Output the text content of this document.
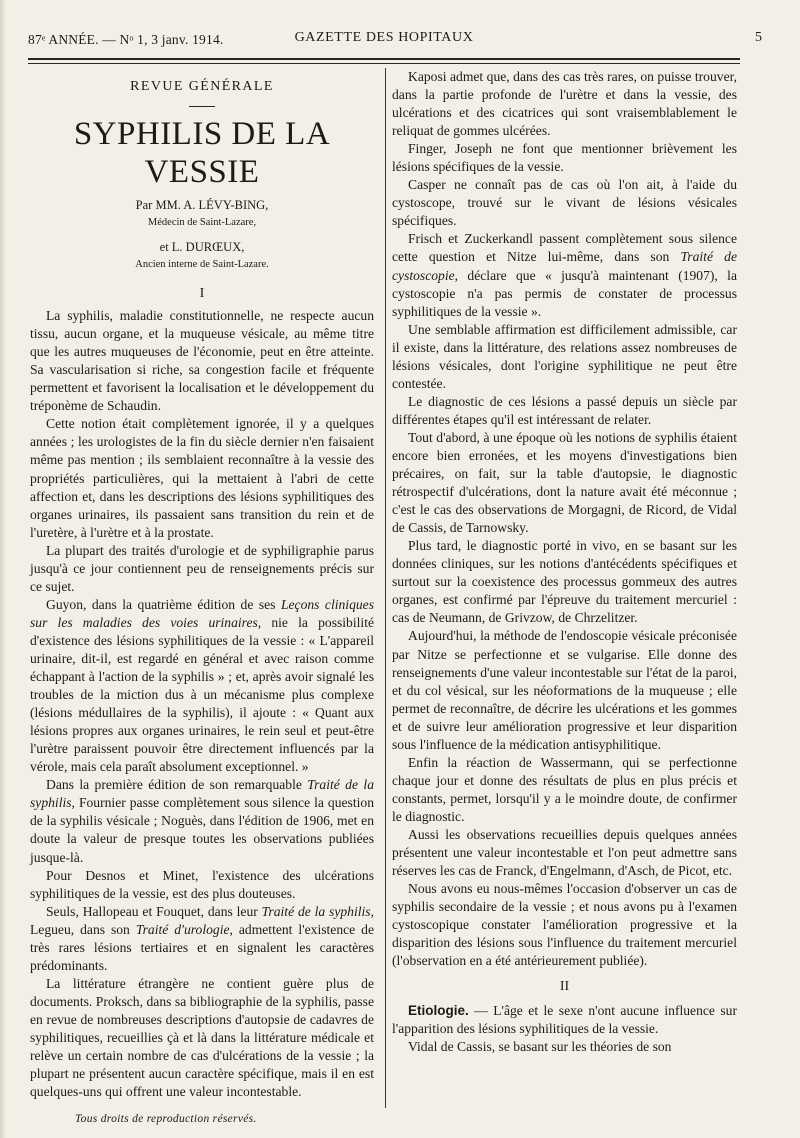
87ᵉ ANNÉE. — Nᵒ 1, 3 janv. 1914.	GAZETTE DES HOPITAUX	5
REVUE GÉNÉRALE
SYPHILIS DE LA VESSIE
Par MM. A. LÉVY-BING,
Médecin de Saint-Lazare,
et L. DURŒUX,
Ancien interne de Saint-Lazare.
I

La syphilis, maladie constitutionnelle, ne respecte aucun tissu, aucun organe, et la muqueuse vésicale, au même titre que les autres muqueuses de l'économie, peut en être atteinte. Sa vascularisation si riche, sa congestion facile et fréquente permettent et favorisent la localisation et le développement du tréponème de Schaudin.

Cette notion était complètement ignorée, il y a quelques années ; les urologistes de la fin du siècle dernier n'en faisaient même pas mention ; ils semblaient reconnaître à la vessie des propriétés particulières, qui la mettaient à l'abri de cette affection et, dans les descriptions des lésions syphilitiques des organes urinaires, ils passaient sans transition du rein et de l'uretère, à l'urètre et à la prostate.

La plupart des traités d'urologie et de syphiligraphie parus jusqu'à ce jour contiennent peu de renseignements précis sur ce sujet.

Guyon, dans la quatrième édition de ses Leçons cliniques sur les maladies des voies urinaires, nie la possibilité d'existence des lésions syphilitiques de la vessie : « L'appareil urinaire, dit-il, est regardé en général et avec raison comme échappant à l'action de la syphilis » ; et, après avoir signalé les troubles de la miction dus à un mécanisme plus complexe (lésions médullaires de la syphilis), il ajoute : « Quant aux lésions propres aux organes urinaires, le rein seul et peut-être l'urètre paraissent pouvoir être directement influencés par la vérole, mais cela paraît absolument exceptionnel. »

Dans la première édition de son remarquable Traité de la syphilis, Fournier passe complètement sous silence la question de la syphilis vésicale ; Noguès, dans l'édition de 1906, met en doute la valeur de presque toutes les observations publiées jusque-là.

Pour Desnos et Minet, l'existence des ulcérations syphilitiques de la vessie, est des plus douteuses.

Seuls, Hallopeau et Fouquet, dans leur Traité de la syphilis, Legueu, dans son Traité d'urologie, admettent l'existence de très rares lésions tertiaires et en signalent les caractères prédominants.

La littérature étrangère ne contient guère plus de documents. Proksch, dans sa bibliographie de la syphilis, passe en revue de nombreuses descriptions d'autopsie de cadavres de syphilitiques, recueillies çà et là dans la littérature médicale et relève un certain nombre de cas d'ulcérations de la vessie ; la plupart ne présentent aucun caractère spécifique, mais il en est quelques-uns qui offrent une valeur incontestable.

Kaposi admet que, dans des cas très rares, on puisse trouver, dans la partie profonde de l'urètre et dans la vessie, des ulcérations et des cicatrices qui sont vraisemblablement le reliquat de gommes ulcérées.

Finger, Joseph ne font que mentionner brièvement les lésions spécifiques de la vessie.

Casper ne connaît pas de cas où l'on ait, à l'aide du cystoscope, trouvé sur le vivant de lésions vésicales spécifiques.

Frisch et Zuckerkandl passent complètement sous silence cette question et Nitze lui-même, dans son Traité de cystoscopie, déclare que « jusqu'à maintenant (1907), la cystoscopie n'a pas permis de constater de processus syphilitiques de la vessie ».

Une semblable affirmation est difficilement admissible, car il existe, dans la littérature, des relations assez nombreuses de lésions vésicales, dont l'origine syphilitique ne peut être contestée.

Le diagnostic de ces lésions a passé depuis un siècle par différentes étapes qu'il est intéressant de relater.

Tout d'abord, à une époque où les notions de syphilis étaient encore bien erronées, et les moyens d'investigations bien précaires, on fait, sur la table d'autopsie, le diagnostic rétrospectif d'ulcérations, dont la nature avait été méconnue ; c'est le cas des observations de Morgagni, de Ricord, de Vidal de Cassis, de Tarnowsky.

Plus tard, le diagnostic porté in vivo, en se basant sur les données cliniques, sur les notions d'antécédents spécifiques et surtout sur la coexistence des processus gommeux des autres organes, est confirmé par l'épreuve du traitement mercuriel : cas de Neumann, de Grivzow, de Chrzelitzer.

Aujourd'hui, la méthode de l'endoscopie vésicale préconisée par Nitze se perfectionne et se vulgarise. Elle donne des renseignements d'une valeur incontestable sur l'état de la paroi, et du col vésical, sur les néoformations de la muqueuse ; elle permet de reconnaître, de décrire les ulcérations et les gommes et de suivre leur amélioration progressive et leur disparition sous l'influence de la médication antisyphilitique.

Enfin la réaction de Wassermann, qui se perfectionne chaque jour et donne des résultats de plus en plus précis et constants, permet, lorsqu'il y a le moindre doute, de confirmer le diagnostic.

Aussi les observations recueillies depuis quelques années présentent une valeur incontestable et l'on peut admettre sans réserves les cas de Franck, d'Engelmann, d'Asch, de Picot, etc.

Nous avons eu nous-mêmes l'occasion d'observer un cas de syphilis secondaire de la vessie ; et nous avons pu à l'examen cystoscopique constater l'amélioration progressive et la disparition des lésions sous l'influence du traitement mercuriel (l'observation en a été antérieurement publiée).

II

Etiologie. — L'âge et le sexe n'ont aucune influence sur l'apparition des lésions syphilitiques de la vessie.

Vidal de Cassis, se basant sur les théories de son

Tous droits de reproduction réservés.
